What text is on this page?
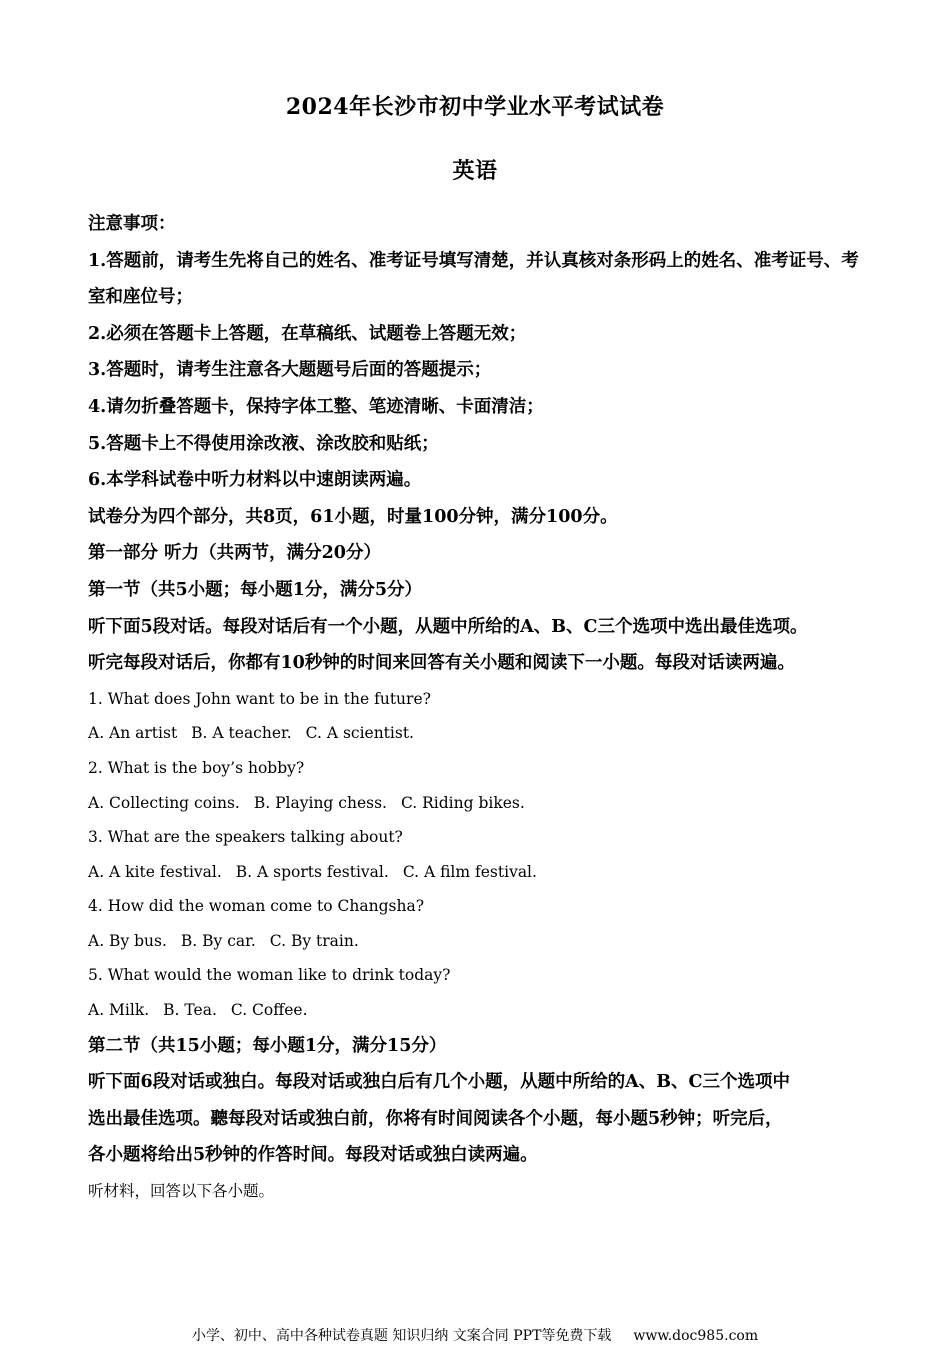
2024年长沙市初中学业水平考试试卷
英语
注意事项：
1.答题前，请考生先将自己的姓名、准考证号填写清楚，并认真核对条形码上的姓名、准考证号、考室和座位号；
2.必须在答题卡上答题，在草稿纸、试题卷上答题无效；
3.答题时，请考生注意各大题题号后面的答题提示；
4.请勿折叠答题卡，保持字体工整、笔迹清晰、卡面清洁；
5.答题卡上不得使用涂改液、涂改胶和贴纸；
6.本学科试卷中听力材料以中速朗读两遍。
试卷分为四个部分，共8页，61小题，时量100分钟，满分100分。
第一部分 听力（共两节，满分20分）
第一节（共5小题；每小题1分，满分5分）
听下面5段对话。每段对话后有一个小题，从题中所给的A、B、C三个选项中选出最佳选项。
听完每段对话后，你都有10秒钟的时间来回答有关小题和阅读下一小题。每段对话读两遍。
1. What does John want to be in the future?
A. An artist B. A teacher. C. A scientist.
2. What is the boy’s hobby?
A. Collecting coins. B. Playing chess. C. Riding bikes.
3. What are the speakers talking about?
A. A kite festival. B. A sports festival. C. A film festival.
4. How did the woman come to Changsha?
A. By bus. B. By car. C. By train.
5. What would the woman like to drink today?
A. Milk. B. Tea. C. Coffee.
第二节（共15小题；每小题1分，满分15分）
听下面6段对话或独白。每段对话或独白后有几个小题，从题中所给的A、B、C三个选项中
选出最佳选项。聽每段对话或独白前，你将有时间阅读各个小题，每小题5秒钟；听完后，
各小题将给出5秒钟的作答时间。每段对话或独白读两遍。
听材料，回答以下各小题。
小学、初中、高中各种试卷真题 知识归纳 文案合同 PPT等免费下载 www.doc985.com
